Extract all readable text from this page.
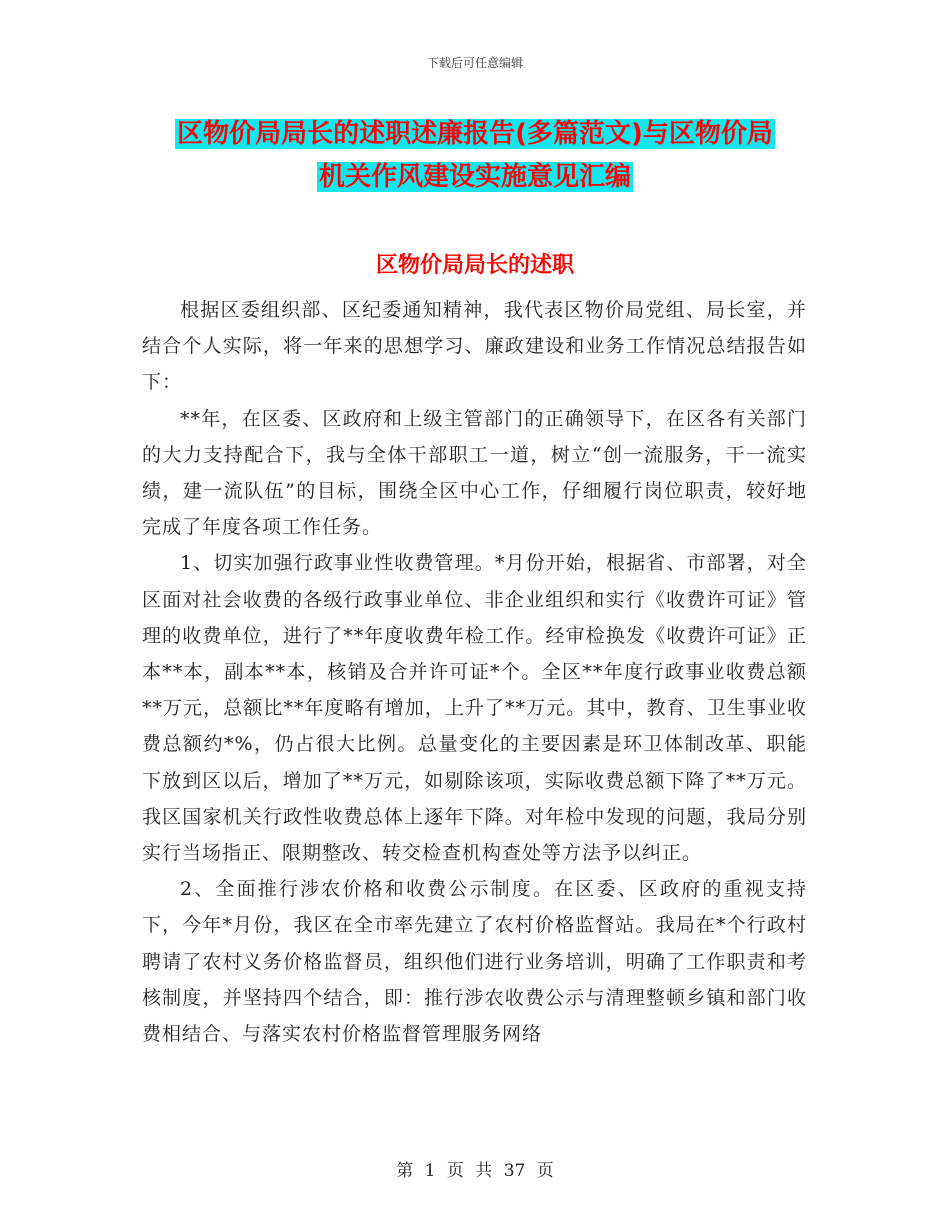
下载后可任意编辑
区物价局局长的述职述廉报告(多篇范文)与区物价局
机关作风建设实施意见汇编
区物价局局长的述职

根据区委组织部、区纪委通知精神，我代表区物价局党组、局长室，并结合个人实际，将一年来的思想学习、廉政建设和业务工作情况总结报告如下：

**年，在区委、区政府和上级主管部门的正确领导下，在区各有关部门的大力支持配合下，我与全体干部职工一道，树立“创一流服务，干一流实绩，建一流队伍”的目标，围绕全区中心工作，仔细履行岗位职责，较好地完成了年度各项工作任务。

1、切实加强行政事业性收费管理。*月份开始，根据省、市部署，对全区面对社会收费的各级行政事业单位、非企业组织和实行《收费许可证》管理的收费单位，进行了**年度收费年检工作。经审检换发《收费许可证》正本**本，副本**本，核销及合并许可证*个。全区**年度行政事业收费总额**万元，总额比**年度略有增加，上升了**万元。其中，教育、卫生事业收费总额约*%，仍占很大比例。总量变化的主要因素是环卫体制改革、职能下放到区以后，增加了**万元，如剔除该项，实际收费总额下降了**万元。我区国家机关行政性收费总体上逐年下降。对年检中发现的问题，我局分别实行当场指正、限期整改、转交检查机构查处等方法予以纠正。

2、全面推行涉农价格和收费公示制度。在区委、区政府的重视支持下，今年*月份，我区在全市率先建立了农村价格监督站。我局在*个行政村聘请了农村义务价格监督员，组织他们进行业务培训，明确了工作职责和考核制度，并坚持四个结合，即：推行涉农收费公示与清理整顿乡镇和部门收费相结合、与落实农村价格监督管理服务网络

第 1 页 共 37 页
